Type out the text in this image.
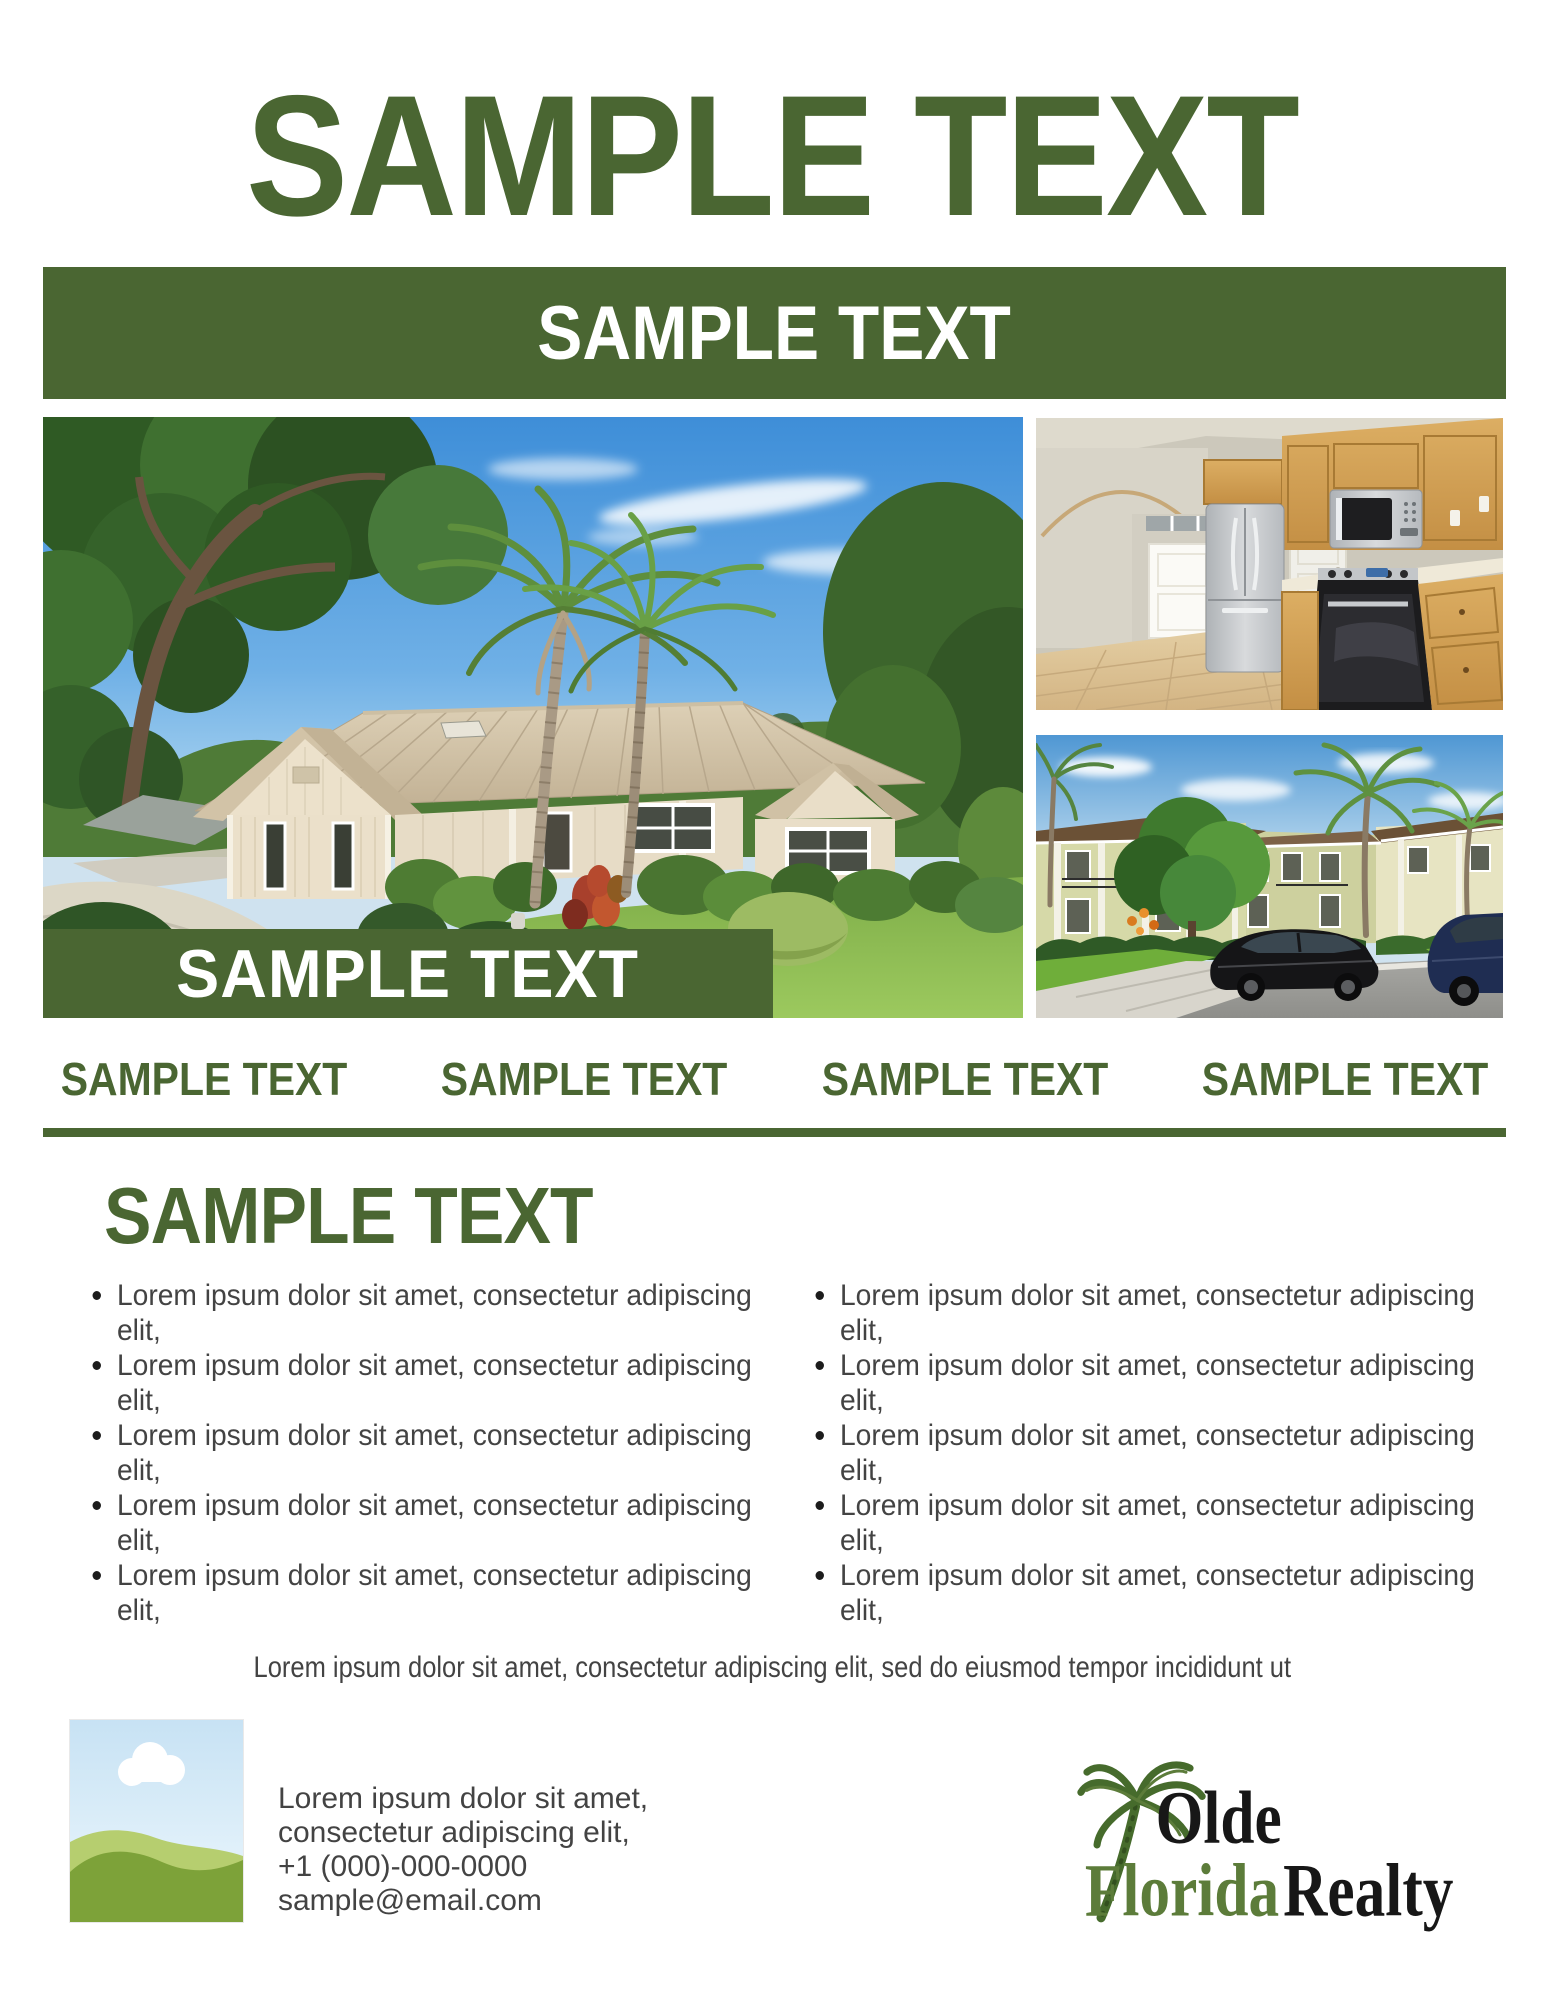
SAMPLE TEXT
SAMPLE TEXT
SAMPLE TEXT
SAMPLE TEXT SAMPLE TEXT SAMPLE TEXT SAMPLE TEXT
SAMPLE TEXT
Lorem ipsum dolor sit amet, consectetur adipiscing elit,
Lorem ipsum dolor sit amet, consectetur adipiscing elit,
Lorem ipsum dolor sit amet, consectetur adipiscing elit,
Lorem ipsum dolor sit amet, consectetur adipiscing elit,
Lorem ipsum dolor sit amet, consectetur adipiscing elit,
Lorem ipsum dolor sit amet, consectetur adipiscing elit,
Lorem ipsum dolor sit amet, consectetur adipiscing elit,
Lorem ipsum dolor sit amet, consectetur adipiscing elit,
Lorem ipsum dolor sit amet, consectetur adipiscing elit,
Lorem ipsum dolor sit amet, consectetur adipiscing elit,
Lorem ipsum dolor sit amet, consectetur adipiscing elit, sed do eiusmod tempor incididunt ut
Lorem ipsum dolor sit amet,
consectetur adipiscing elit,
+1 (000)-000-0000
sample@email.com
Olde
Florida Realty
